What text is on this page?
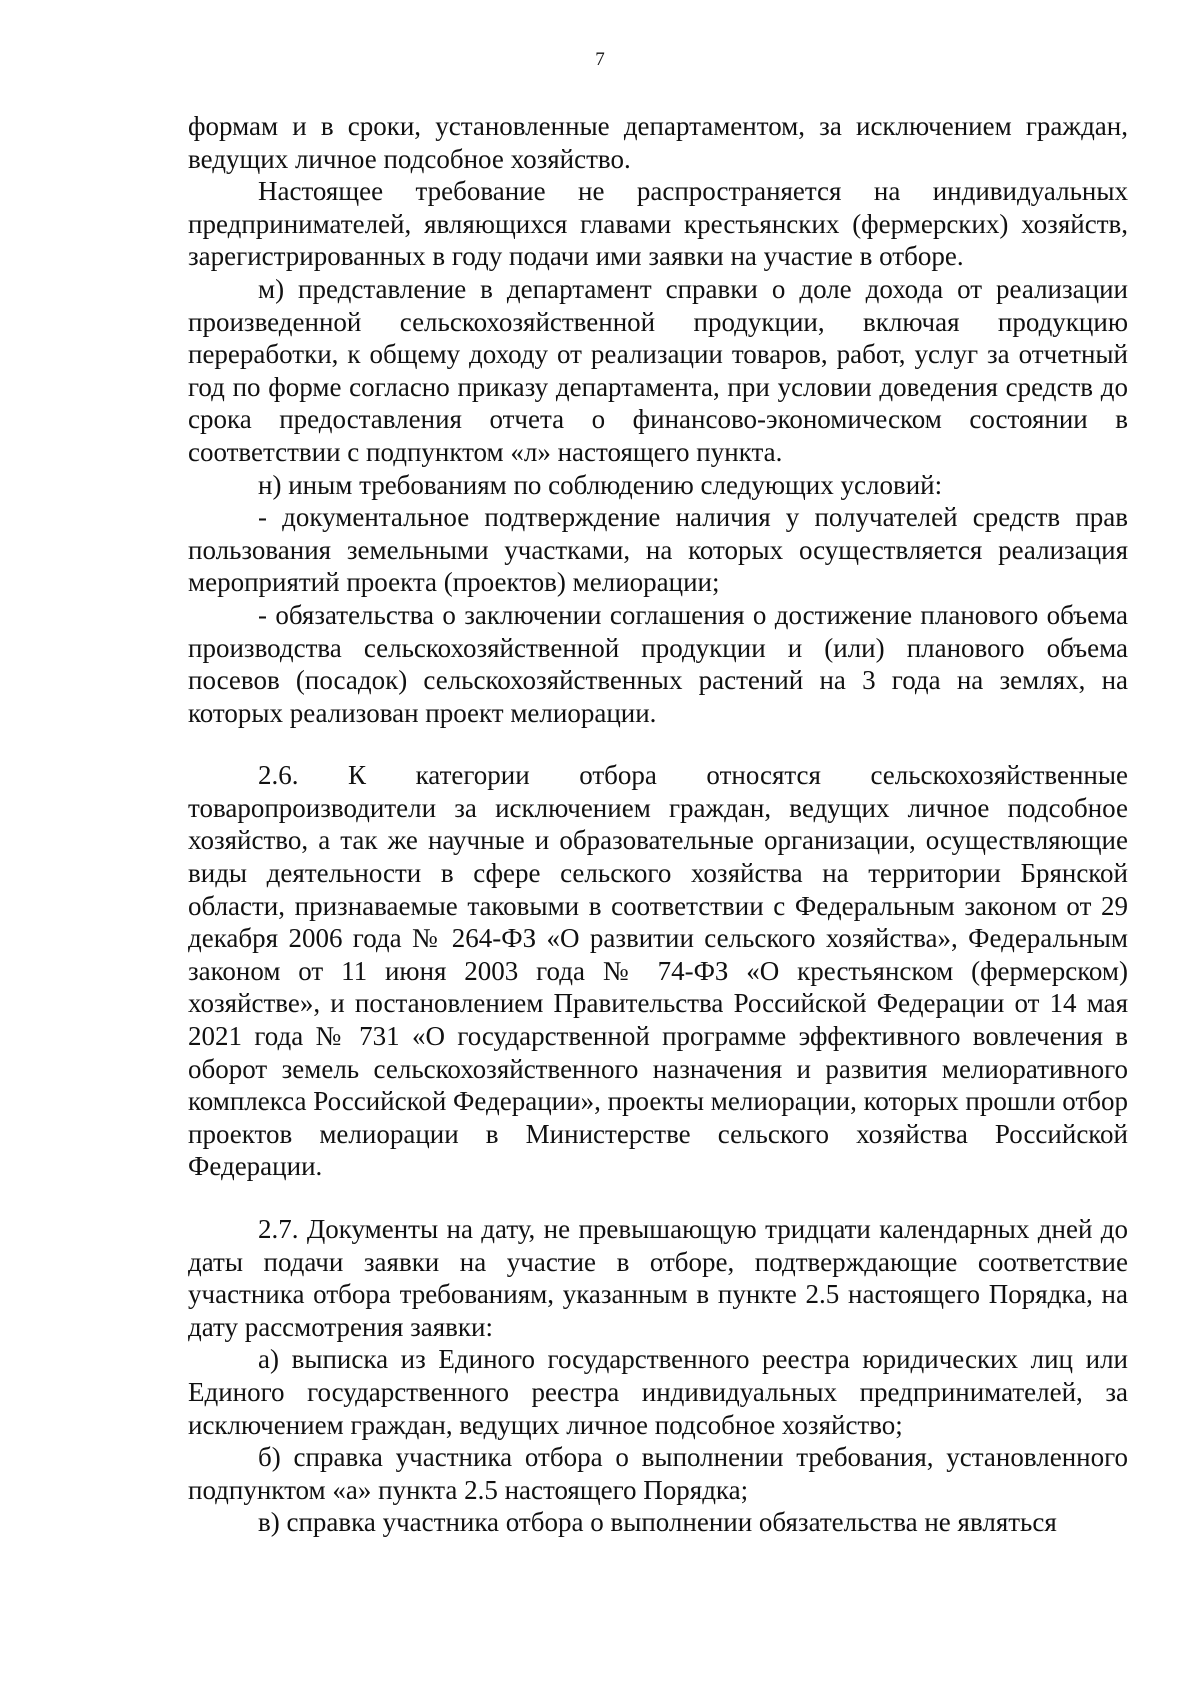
7

формам и в сроки, установленные департаментом, за исключением граждан, ведущих личное подсобное хозяйство.

Настоящее требование не распространяется на индивидуальных предпринимателей, являющихся главами крестьянских (фермерских) хозяйств, зарегистрированных в году подачи ими заявки на участие в отборе.

м) представление в департамент справки о доле дохода от реализации произведенной сельскохозяйственной продукции, включая продукцию переработки, к общему доходу от реализации товаров, работ, услуг за отчетный год по форме согласно приказу департамента, при условии доведения средств до срока предоставления отчета о финансово-экономическом состоянии в соответствии с подпунктом «л» настоящего пункта.

н) иным требованиям по соблюдению следующих условий:

- документальное подтверждение наличия у получателей средств прав пользования земельными участками, на которых осуществляется реализация мероприятий проекта (проектов) мелиорации;

- обязательства о заключении соглашения о достижение планового объема производства сельскохозяйственной продукции и (или) планового объема посевов (посадок) сельскохозяйственных растений на 3 года на землях, на которых реализован проект мелиорации.

2.6. К категории отбора относятся сельскохозяйственные товаропроизводители за исключением граждан, ведущих личное подсобное хозяйство, а так же научные и образовательные организации, осуществляющие виды деятельности в сфере сельского хозяйства на территории Брянской области, признаваемые таковыми в соответствии с Федеральным законом от 29 декабря 2006 года № 264-ФЗ «О развитии сельского хозяйства», Федеральным законом от 11 июня 2003 года № 74-ФЗ «О крестьянском (фермерском) хозяйстве», и постановлением Правительства Российской Федерации от 14 мая 2021 года № 731 «О государственной программе эффективного вовлечения в оборот земель сельскохозяйственного назначения и развития мелиоративного комплекса Российской Федерации», проекты мелиорации, которых прошли отбор проектов мелиорации в Министерстве сельского хозяйства Российской Федерации.

2.7. Документы на дату, не превышающую тридцати календарных дней до даты подачи заявки на участие в отборе, подтверждающие соответствие участника отбора требованиям, указанным в пункте 2.5 настоящего Порядка, на дату рассмотрения заявки:

а) выписка из Единого государственного реестра юридических лиц или Единого государственного реестра индивидуальных предпринимателей, за исключением граждан, ведущих личное подсобное хозяйство;

б) справка участника отбора о выполнении требования, установленного подпунктом «а» пункта 2.5 настоящего Порядка;

в) справка участника отбора о выполнении обязательства не являться
